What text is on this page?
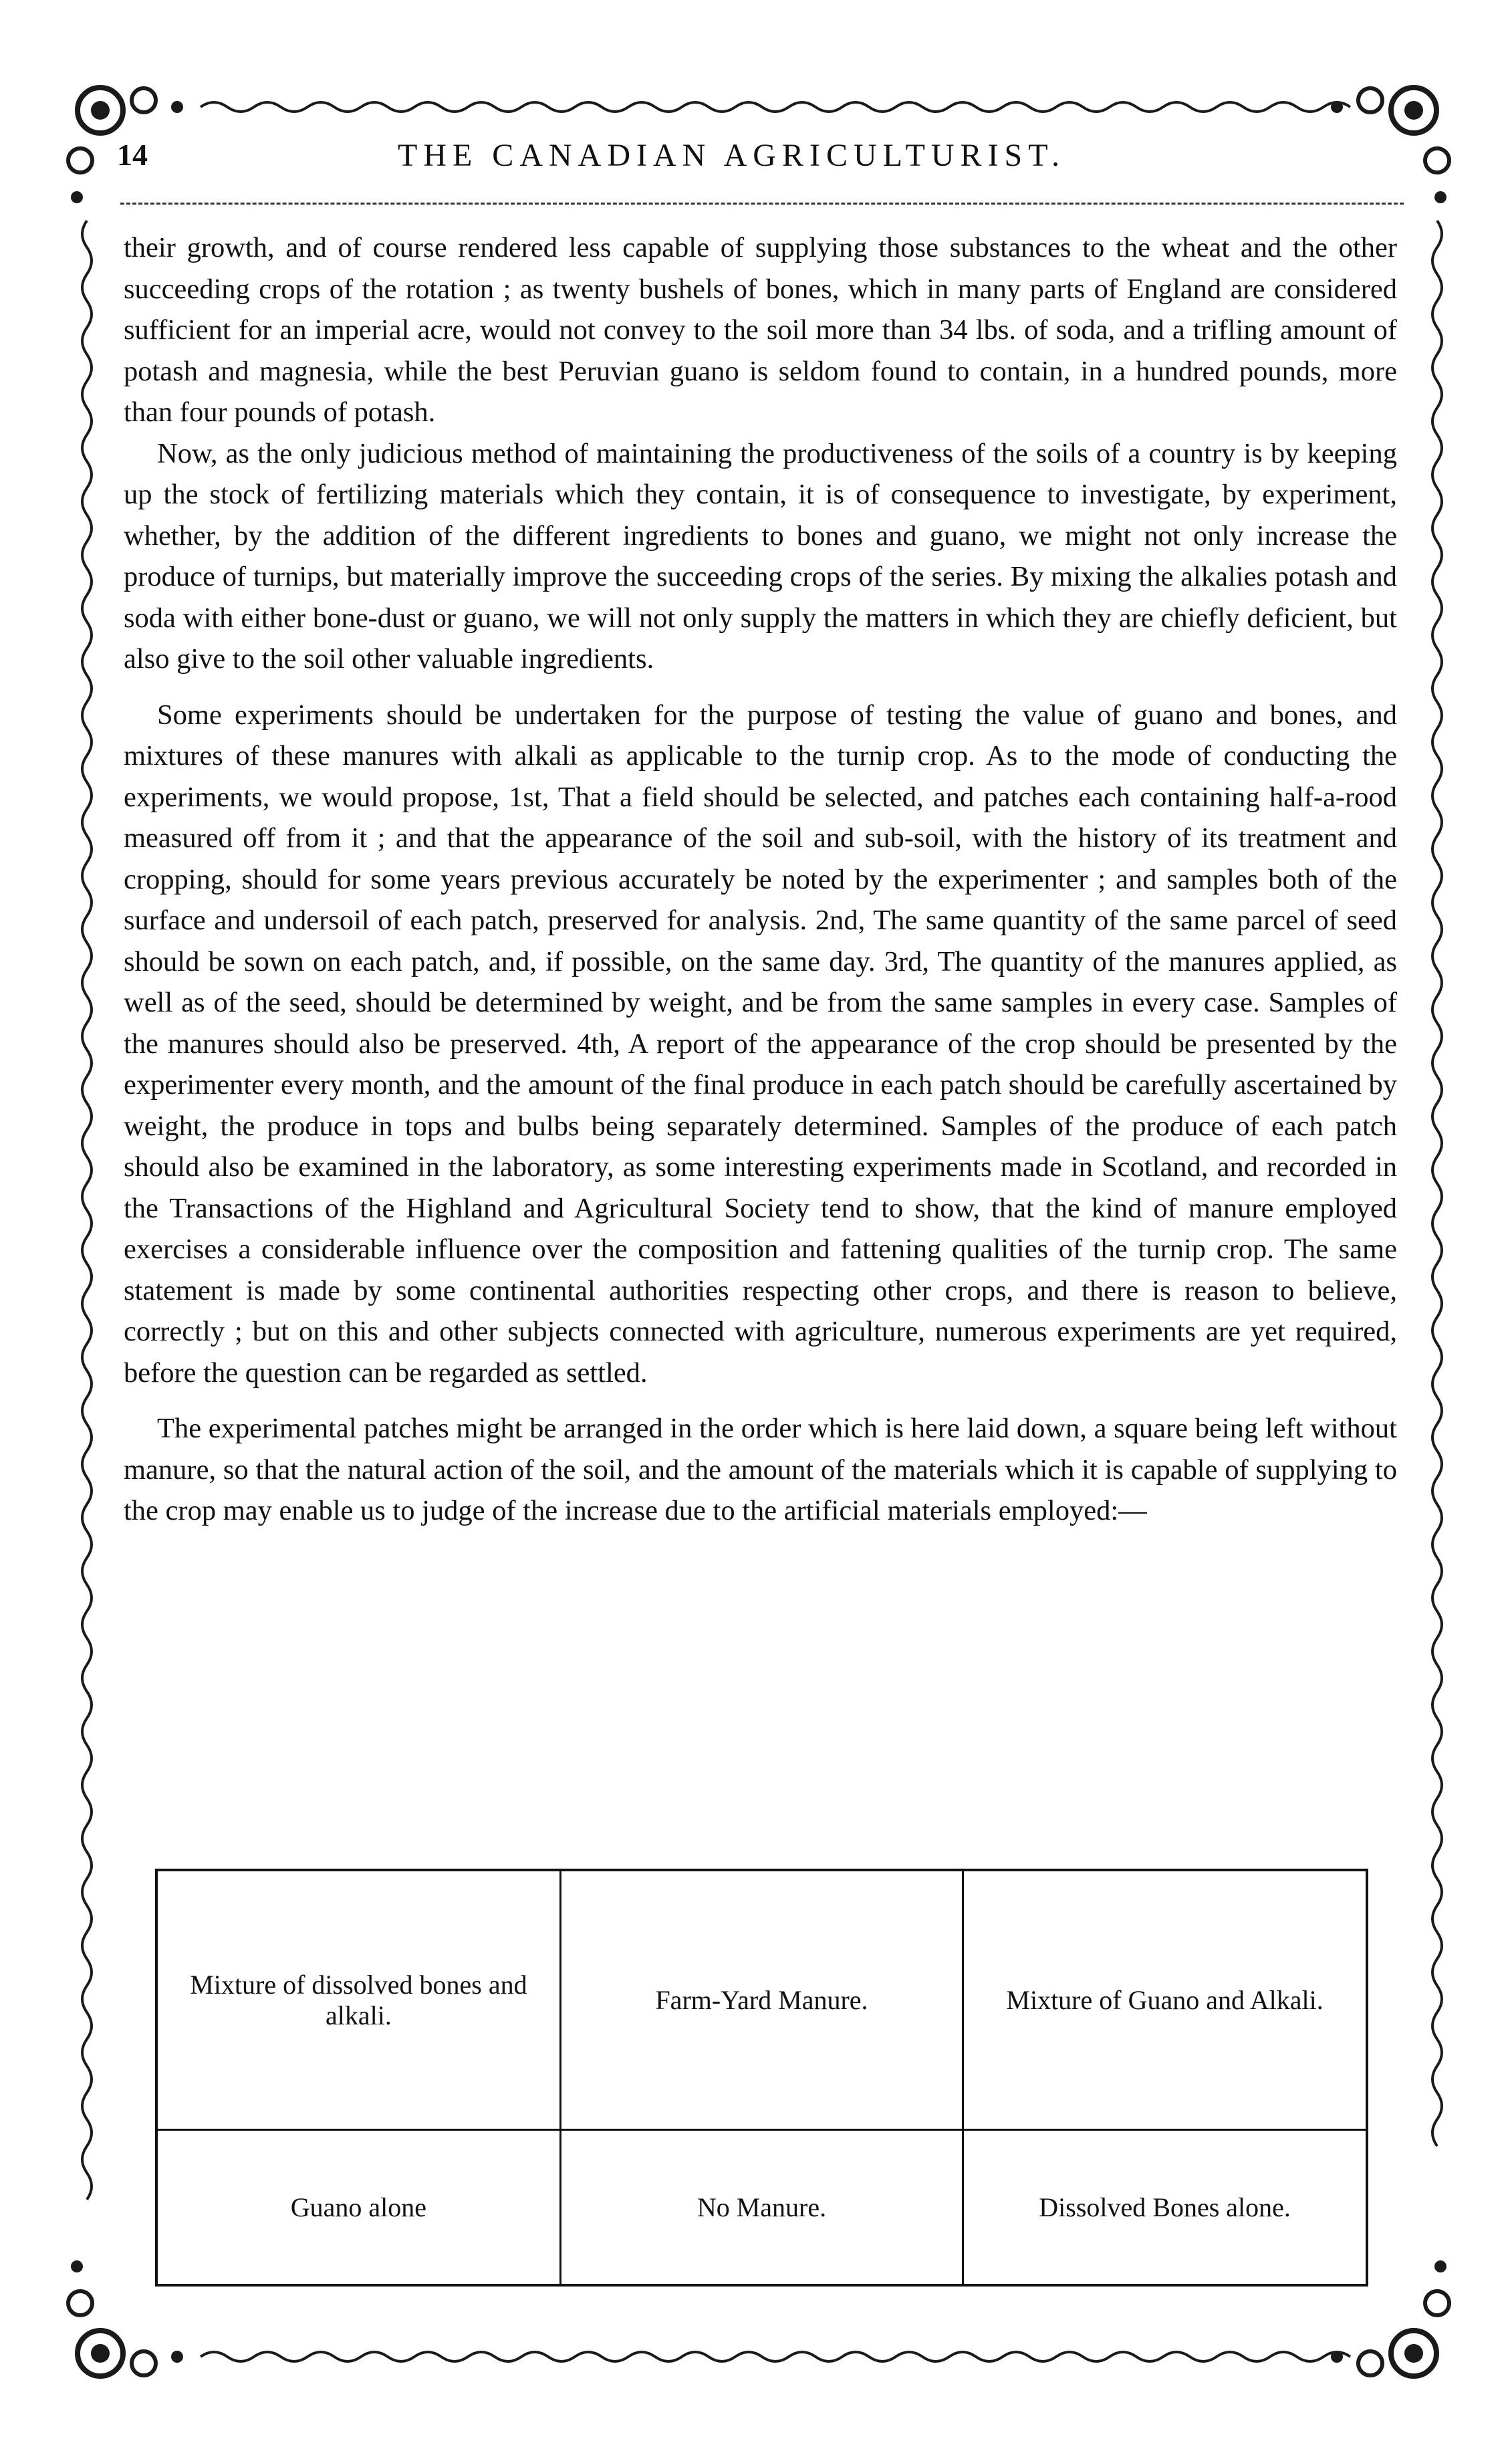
14	THE CANADIAN AGRICULTURIST.

their growth, and of course rendered less capable of supplying those substances to the wheat and the other succeeding crops of the rotation ; as twenty bushels of bones, which in many parts of England are considered sufficient for an imperial acre, would not convey to the soil more than 34 lbs. of soda, and a trifling amount of potash and magnesia, while the best Peruvian guano is seldom found to contain, in a hundred pounds, more than four pounds of potash.

Now, as the only judicious method of maintaining the productiveness of the soils of a country is by keeping up the stock of fertilizing materials which they contain, it is of consequence to investigate, by experiment, whether, by the addition of the different ingredients to bones and guano, we might not only increase the produce of turnips, but materially improve the succeeding crops of the series. By mixing the alkalies potash and soda with either bone-dust or guano, we will not only supply the matters in which they are chiefly deficient, but also give to the soil other valuable ingredients.

Some experiments should be undertaken for the purpose of testing the value of guano and bones, and mixtures of these manures with alkali as applicable to the turnip crop. As to the mode of conducting the experiments, we would propose, 1st, That a field should be selected, and patches each containing half-a-rood measured off from it ; and that the appearance of the soil and sub-soil, with the history of its treatment and cropping, should for some years previous accurately be noted by the experimenter ; and samples both of the surface and undersoil of each patch, preserved for analysis. 2nd, The same quantity of the same parcel of seed should be sown on each patch, and, if possible, on the same day. 3rd, The quantity of the manures applied, as well as of the seed, should be determined by weight, and be from the same samples in every case. Samples of the manures should also be preserved. 4th, A report of the appearance of the crop should be presented by the experimenter every month, and the amount of the final produce in each patch should be carefully ascertained by weight, the produce in tops and bulbs being separately determined. Samples of the produce of each patch should also be examined in the laboratory, as some interesting experiments made in Scotland, and recorded in the Transactions of the Highland and Agricultural Society tend to show, that the kind of manure employed exercises a considerable influence over the composition and fattening qualities of the turnip crop. The same statement is made by some continental authorities respecting other crops, and there is reason to believe, correctly ; but on this and other subjects connected with agriculture, numerous experiments are yet required, before the question can be regarded as settled.

The experimental patches might be arranged in the order which is here laid down, a square being left without manure, so that the natural action of the soil, and the amount of the materials which it is capable of supplying to the crop may enable us to judge of the increase due to the artificial materials employed:—

Mixture of dissolved bones and alkali.	Farm-Yard Manure.	Mixture of Guano and Alkali.
Guano alone	No Manure.	Dissolved Bones alone.
